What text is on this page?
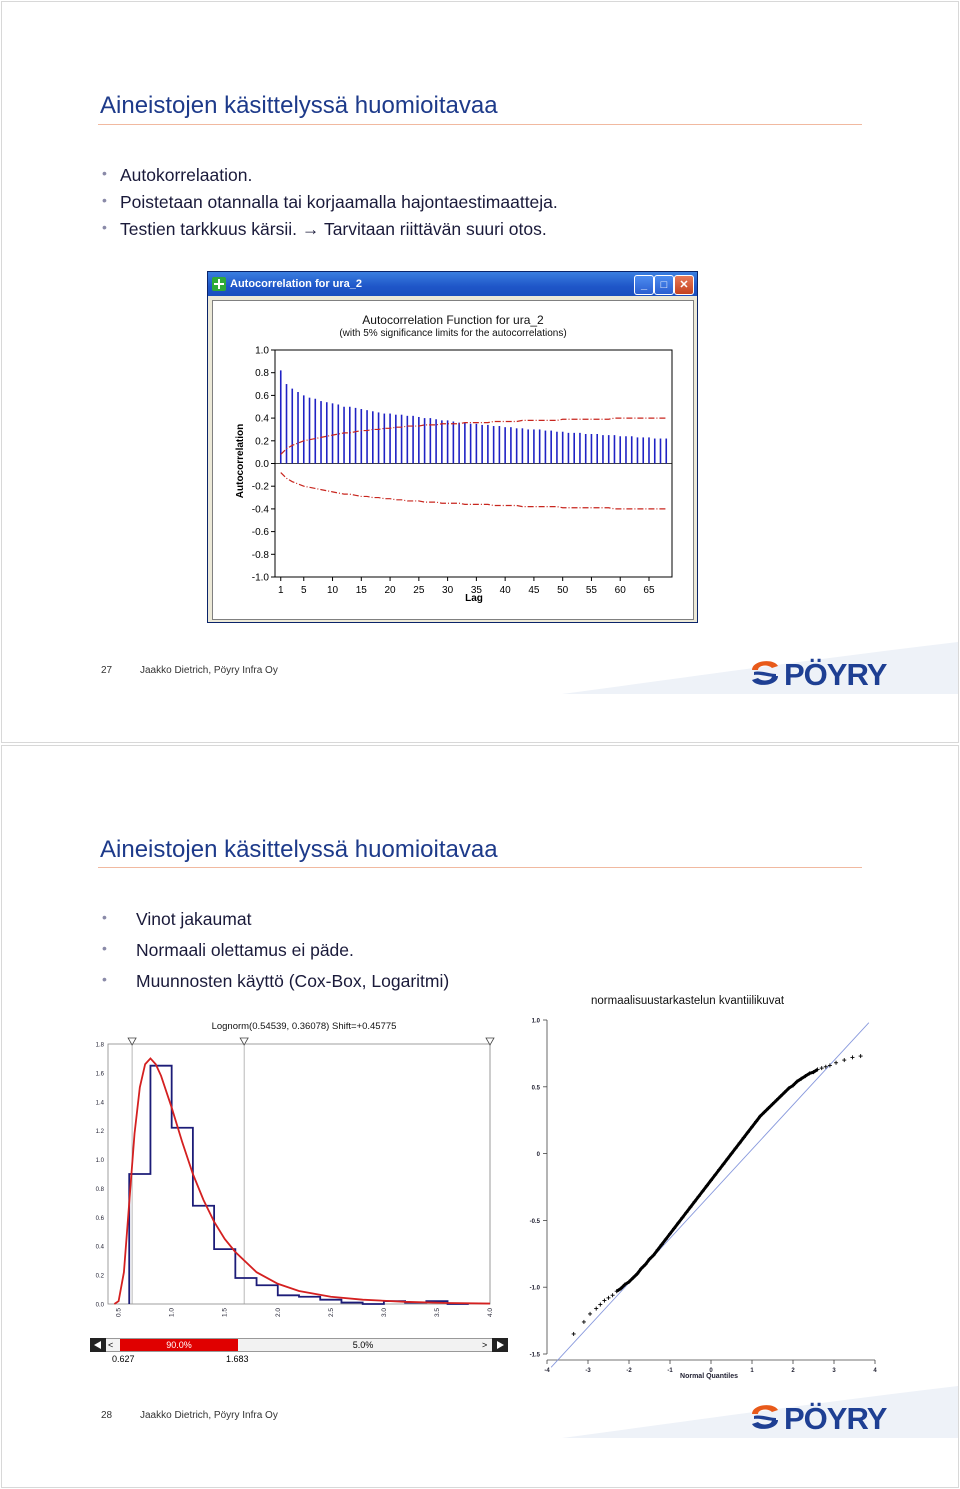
Aineistojen käsittelyssä huomioitavaa
• Autokorrelaation.
• Poistetaan otannalla tai korjaamalla hajontaestimaatteja.
• Testien tarkkuus kärsii. → Tarvitaan riittävän suuri otos.
Autocorrelation for ura_2	_	□	✕
Autocorrelation Function for ura_2
(with 5% significance limits for the autocorrelations)
Autocorrelation
Lag
-1.0
-0.8
-0.6
-0.4
-0.2
0.0
0.2
0.4
0.6
0.8
1.0
1 5 10 15 20 25 30 35 40 45 50 55 60 65
27	Jaakko Dietrich, Pöyry Infra Oy	PÖYRY
Aineistojen käsittelyssä huomioitavaa
• Vinot jakaumat
• Normaali olettamus ei päde.
• Muunnosten käyttö (Cox-Box, Logaritmi)
Lognorm(0.54539, 0.36078) Shift=+0.45775
0.0
0.2
0.4
0.6
0.8
1.0
1.2
1.4
1.6
1.8
0.5	1.0	1.5	2.0	2.5	3.0	3.5	4.0
<	90.0%	5.0%	>
0.627	1.683
normaalisuustarkastelun kvantiilikuvat
Normal Quantiles
-1.5
-1.0
-0.5
0
0.5
1.0
-4	-3	-2	-1	0	1	2	3	4
28	Jaakko Dietrich, Pöyry Infra Oy	PÖYRY
